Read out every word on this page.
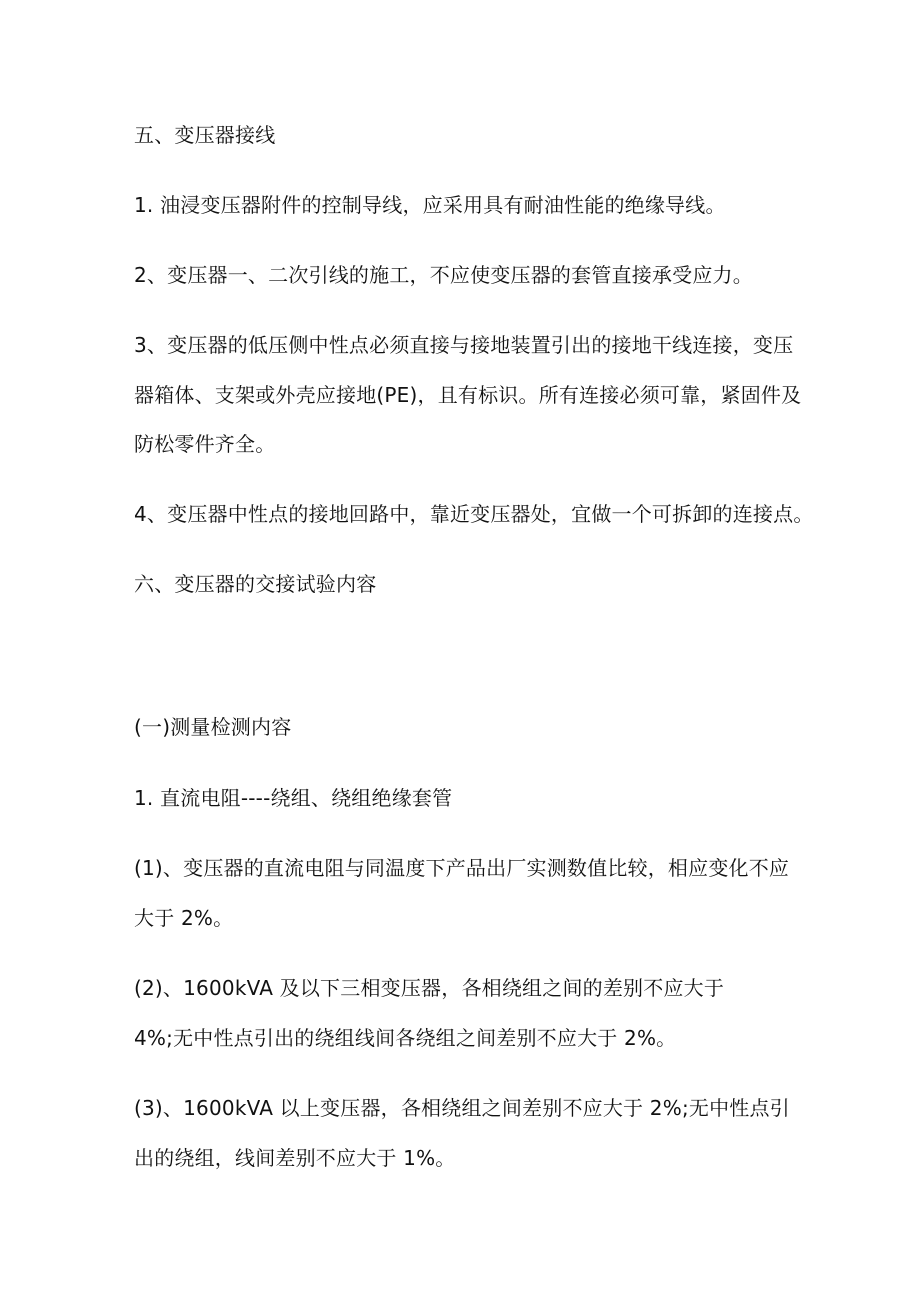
五、变压器接线
1. 油浸变压器附件的控制导线，应采用具有耐油性能的绝缘导线。
2、变压器一、二次引线的施工，不应使变压器的套管直接承受应力。
3、变压器的低压侧中性点必须直接与接地装置引出的接地干线连接，变压
器箱体、支架或外壳应接地(PE)，且有标识。所有连接必须可靠，紧固件及
防松零件齐全。
4、变压器中性点的接地回路中，靠近变压器处，宜做一个可拆卸的连接点。
六、变压器的交接试验内容
(一)测量检测内容
1. 直流电阻----绕组、绕组绝缘套管
(1)、变压器的直流电阻与同温度下产品出厂实测数值比较，相应变化不应
大于 2%。
(2)、1600kVA 及以下三相变压器，各相绕组之间的差别不应大于
4%;无中性点引出的绕组线间各绕组之间差别不应大于 2%。
(3)、1600kVA 以上变压器，各相绕组之间差别不应大于 2%;无中性点引
出的绕组，线间差别不应大于 1%。
